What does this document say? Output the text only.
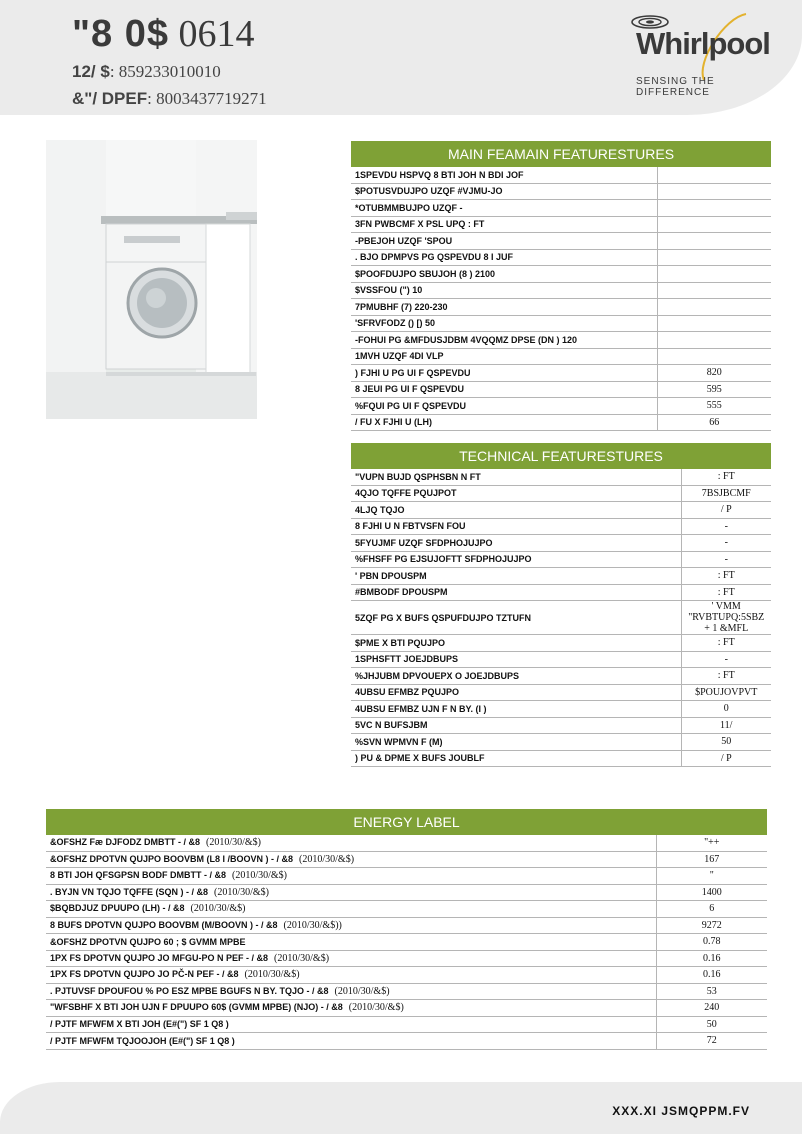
"8 0$ 0614
12/ $: 859233010010
&"/ DPEF: 8003437719271
Whirlpool
SENSING THE DIFFERENCE
MAIN FEAMAIN FEATURESTURES
1SPEVDU HSPVQ 8 BTI JOH N BDI JOF	
$POTUSVDUJPO UZQF #VJMU-JO	
*OTUBMMBUJPO UZQF -	
3FN PWBCMF X PSL UPQ : FT	
-PBEJOH UZQF 'SPOU	
. BJO DPMPVS PG QSPEVDU 8 I JUF	
$POOFDUJPO SBUJOH (8 ) 2100	
$VSSFOU (") 10	
7PMUBHF (7) 220-230	
'SFRVFODZ () [) 50	
-FOHUI PG &MFDUSJDBM 4VQQMZ DPSE (DN ) 120	
1MVH UZQF 4DI VLP	
) FJHI U PG UI F QSPEVDU	820
8 JEUI PG UI F QSPEVDU	595
%FQUI PG UI F QSPEVDU	555
/ FU X FJHI U (LH)	66
TECHNICAL FEATURESTURES
"VUPN BUJD QSPHSBN N FT	: FT
4QJO TQFFE PQUJPOT	7BSJBCMF
4LJQ TQJO	/ P
8 FJHI U N FBTVSFN FOU	-
5FYUJMF UZQF SFDPHOJUJPO	-
%FHSFF PG EJSUJOFTT SFDPHOJUJPO	-
' PBN DPOUSPM	: FT
#BMBODF DPOUSPM	: FT
5ZQF PG X BUFS QSPUFDUJPO TZTUFN	' VMM "RVBTUPQ:5SBZ + 1 &MFL
$PME X BTI PQUJPO	: FT
1SPHSFTT JOEJDBUPS	-
%JHJUBM DPVOUEPX O JOEJDBUPS	: FT
4UBSU EFMBZ PQUJPO	$POUJOVPVT
4UBSU EFMBZ UJN F N BY. (I )	0
5VC N BUFSJBM	11/
%SVN WPMVN F (M)	50
) PU & DPME X BUFS JOUBLF	/ P
ENERGY LABEL
&OFSHZ Fæ DJFODZ DMBTT - / &8 (2010/30/&$)	"++
&OFSHZ DPOTVN QUJPO BOOVBM (L8 I /BOOVN ) - / &8 (2010/30/&$)	167
8 BTI JOH QFSGPSN BODF DMBTT - / &8 (2010/30/&$)	"
. BYJN VN TQJO TQFFE (SQN ) - / &8 (2010/30/&$)	1400
$BQBDJUZ DPUUPO (LH) - / &8 (2010/30/&$)	6
8 BUFS DPOTVN QUJPO BOOVBM (M/BOOVN ) - / &8 (2010/30/&$))	9272
&OFSHZ DPOTVN QUJPO 60 ; $ GVMM MPBE	0.78
1PX FS DPOTVN QUJPO JO MFGU-PO N PEF - / &8 (2010/30/&$)	0.16
1PX FS DPOTVN QUJPO JO PČ-N PEF - / &8 (2010/30/&$)	0.16
. PJTUVSF DPOUFOU % PO ESZ MPBE BGUFS N BY. TQJO - / &8 (2010/30/&$)	53
"WFSBHF X BTI JOH UJN F DPUUPO 60$ (GVMM MPBE) (NJO) - / &8 (2010/30/&$)	240
/ PJTF MFWFM X BTI JOH (E#(") SF 1 Q8 )	50
/ PJTF MFWFM TQJOOJOH (E#(") SF 1 Q8 )	72
XXX.XI JSMQPPM.FV
